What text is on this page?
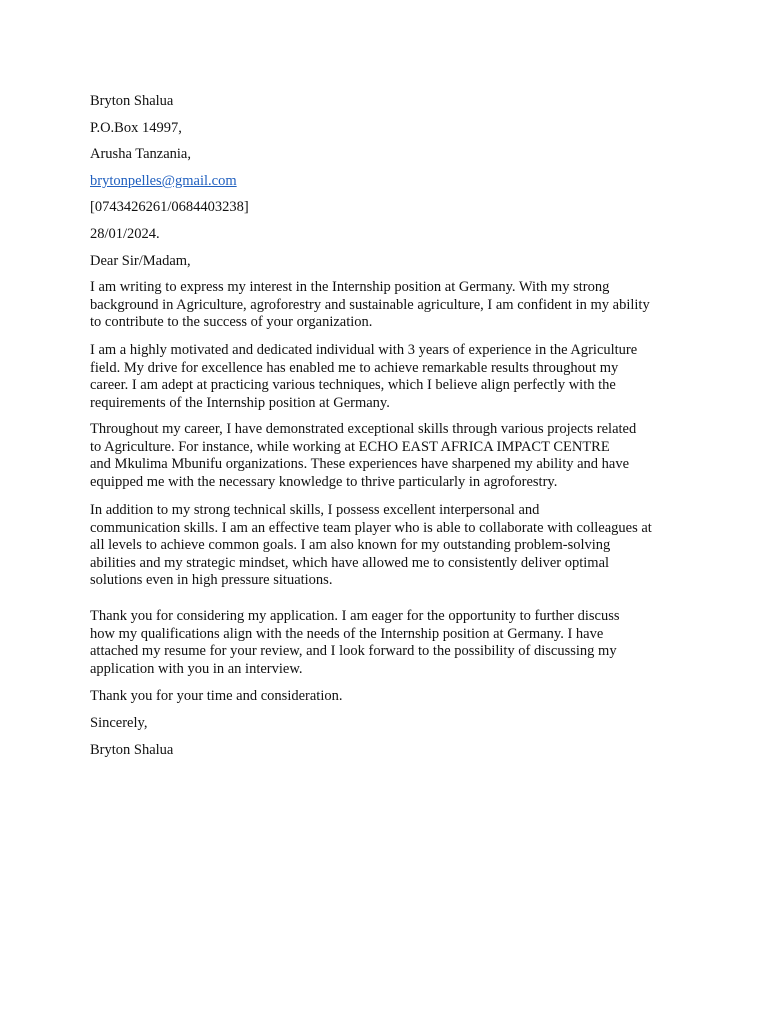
Bryton Shalua
P.O.Box 14997,
Arusha Tanzania,
brytonpelles@gmail.com
[0743426261/0684403238]
28/01/2024.
Dear Sir/Madam,
I am writing to express my interest in the Internship position at Germany. With my strong
background in Agriculture, agroforestry and sustainable agriculture, I am confident in my ability
to contribute to the success of your organization.
I am a highly motivated and dedicated individual with 3 years of experience in the Agriculture
field. My drive for excellence has enabled me to achieve remarkable results throughout my
career. I am adept at practicing various techniques, which I believe align perfectly with the
requirements of the Internship position at Germany.
Throughout my career, I have demonstrated exceptional skills through various projects related
to Agriculture. For instance, while working at ECHO EAST AFRICA IMPACT CENTRE
and Mkulima Mbunifu organizations. These experiences have sharpened my ability and have
equipped me with the necessary knowledge to thrive particularly in agroforestry.
In addition to my strong technical skills, I possess excellent interpersonal and
communication skills. I am an effective team player who is able to collaborate with colleagues at
all levels to achieve common goals. I am also known for my outstanding problem-solving
abilities and my strategic mindset, which have allowed me to consistently deliver optimal
solutions even in high pressure situations.
Thank you for considering my application. I am eager for the opportunity to further discuss
how my qualifications align with the needs of the Internship position at Germany. I have
attached my resume for your review, and I look forward to the possibility of discussing my
application with you in an interview.
Thank you for your time and consideration.
Sincerely,
Bryton Shalua
